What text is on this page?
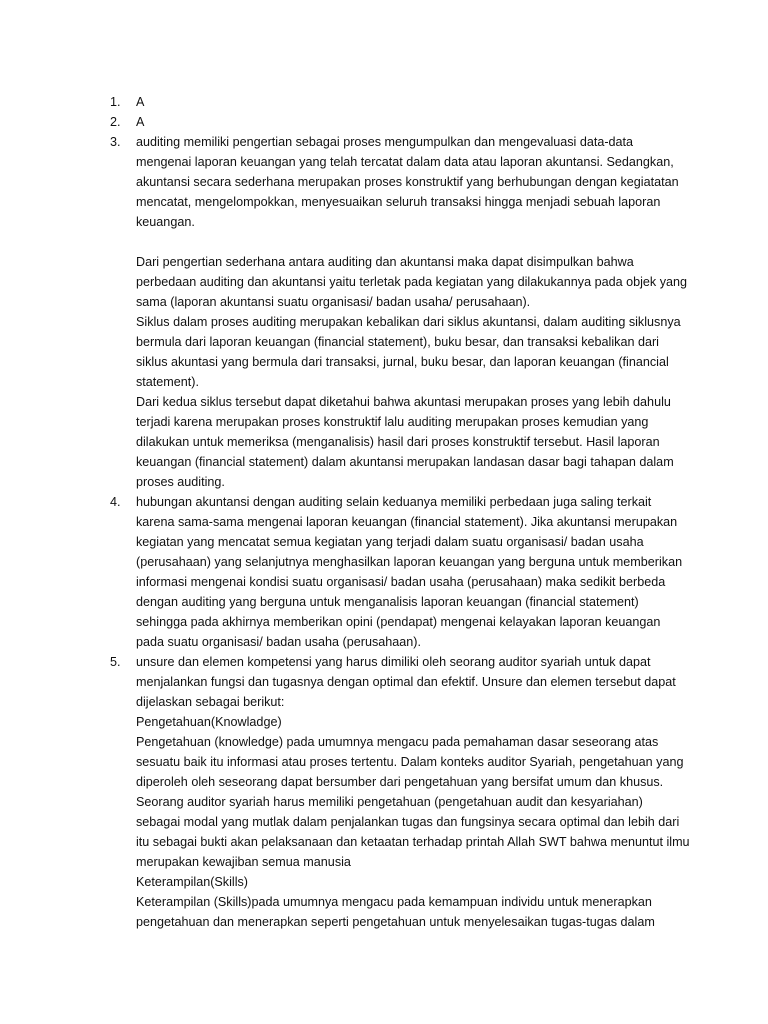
1.	A

2.	A

3.	auditing memiliki pengertian sebagai proses mengumpulkan dan mengevaluasi data-data mengenai laporan keuangan yang telah tercatat dalam data atau laporan akuntansi. Sedangkan, akuntansi secara sederhana merupakan proses konstruktif yang berhubungan dengan kegiatatan mencatat, mengelompokkan, menyesuaikan seluruh transaksi hingga menjadi sebuah laporan keuangan.

Dari pengertian sederhana antara auditing dan akuntansi maka dapat disimpulkan bahwa perbedaan auditing dan akuntansi yaitu terletak pada kegiatan yang dilakukannya pada objek yang sama (laporan akuntansi suatu organisasi/ badan usaha/ perusahaan).

Siklus dalam proses auditing merupakan kebalikan dari siklus akuntansi, dalam auditing siklusnya bermula dari laporan keuangan (financial statement), buku besar, dan transaksi kebalikan dari siklus akuntasi yang bermula dari transaksi, jurnal, buku besar, dan laporan keuangan (financial statement).

Dari kedua siklus tersebut dapat diketahui bahwa akuntasi merupakan proses yang lebih dahulu terjadi karena merupakan proses konstruktif lalu auditing merupakan proses kemudian yang dilakukan untuk memeriksa (menganalisis) hasil dari proses konstruktif tersebut. Hasil laporan keuangan (financial statement) dalam akuntansi merupakan landasan dasar bagi tahapan dalam proses auditing.

4.	hubungan akuntansi dengan auditing selain keduanya memiliki perbedaan juga saling terkait karena sama-sama mengenai laporan keuangan (financial statement). Jika akuntansi merupakan kegiatan yang mencatat semua kegiatan yang terjadi dalam suatu organisasi/ badan usaha (perusahaan) yang selanjutnya menghasilkan laporan keuangan yang berguna untuk memberikan informasi mengenai kondisi suatu organisasi/ badan usaha (perusahaan) maka sedikit berbeda dengan auditing yang berguna untuk menganalisis laporan keuangan (financial statement) sehingga pada akhirnya memberikan opini (pendapat) mengenai kelayakan laporan keuangan pada suatu organisasi/ badan usaha (perusahaan).

5.	unsure dan elemen kompetensi yang harus dimiliki oleh seorang auditor syariah untuk dapat menjalankan fungsi dan tugasnya dengan optimal dan efektif. Unsure dan elemen tersebut dapat dijelaskan sebagai berikut:

Pengetahuan(Knowladge)

Pengetahuan (knowledge) pada umumnya mengacu pada pemahaman dasar seseorang atas sesuatu baik itu informasi atau proses tertentu. Dalam konteks auditor Syariah, pengetahuan yang diperoleh oleh seseorang dapat bersumber dari pengetahuan yang bersifat umum dan khusus. Seorang auditor syariah harus memiliki pengetahuan (pengetahuan audit dan kesyariahan) sebagai modal yang mutlak dalam penjalankan tugas dan fungsinya secara optimal dan lebih dari itu sebagai bukti akan pelaksanaan dan ketaatan terhadap printah Allah SWT bahwa menuntut ilmu merupakan kewajiban semua manusia

Keterampilan(Skills)

Keterampilan (Skills)pada umumnya mengacu pada kemampuan individu untuk menerapkan pengetahuan dan menerapkan seperti pengetahuan untuk menyelesaikan tugas-tugas dalam
